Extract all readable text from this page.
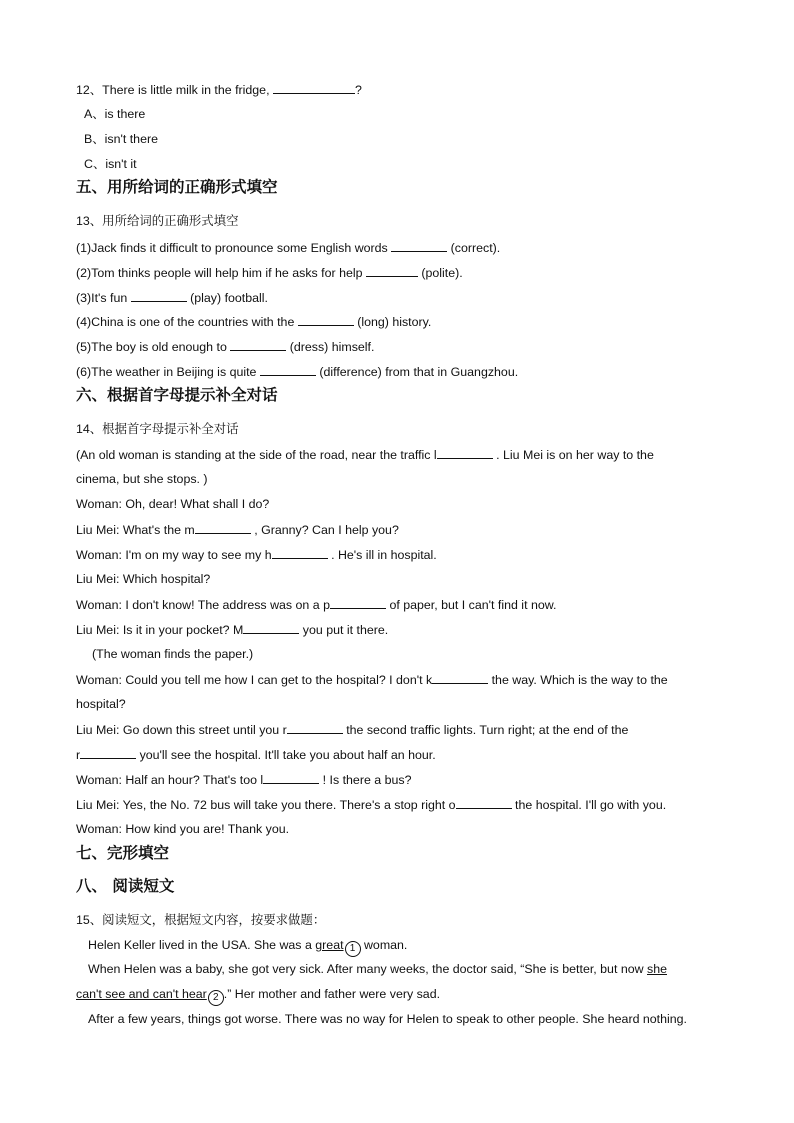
12、There is little milk in the fridge,	?
A、is there
B、isn't there
C、isn't it
五、用所给词的正确形式填空
13、用所给词的正确形式填空
(1)Jack finds it difficult to pronounce some English words	(correct).
(2)Tom thinks people will help him if he asks for help	(polite).
(3)It's fun	(play) football.
(4)China is one of the countries with the	(long) history.
(5)The boy is old enough to	(dress) himself.
(6)The weather in Beijing is quite	(difference) from that in Guangzhou.
六、根据首字母提示补全对话
14、根据首字母提示补全对话
(An old woman is standing at the side of the road, near the traffic l	. Liu Mei is on her way to the
cinema, but she stops. )
Woman: Oh, dear! What shall I do?
Liu Mei: What's the m	, Granny? Can I help you?
Woman: I'm on my way to see my h	. He's ill in hospital.
Liu Mei: Which hospital?
Woman: I don't know! The address was on a p	of paper, but I can't find it now.
Liu Mei: Is it in your pocket? M	you put it there.
(The woman finds the paper.)
Woman: Could you tell me how I can get to the hospital? I don't k	the way. Which is the way to the
hospital?
Liu Mei: Go down this street until you r	the second traffic lights. Turn right; at the end of the
r	you'll see the hospital. It'll take you about half an hour.
Woman: Half an hour? That's too l	! Is there a bus?
Liu Mei: Yes, the No. 72 bus will take you there. There's a stop right o	the hospital. I'll go with you.
Woman: How kind you are! Thank you.
七、完形填空
八、 阅读短文
15、阅读短文，根据短文内容，按要求做题：
Helen Keller lived in the USA. She was a great 1 woman.
When Helen was a baby, she got very sick. After many weeks, the doctor said, “She is better, but now she
can't see and can't hear 2 .” Her mother and father were very sad.
After a few years, things got worse. There was no way for Helen to speak to other people. She heard nothing.
